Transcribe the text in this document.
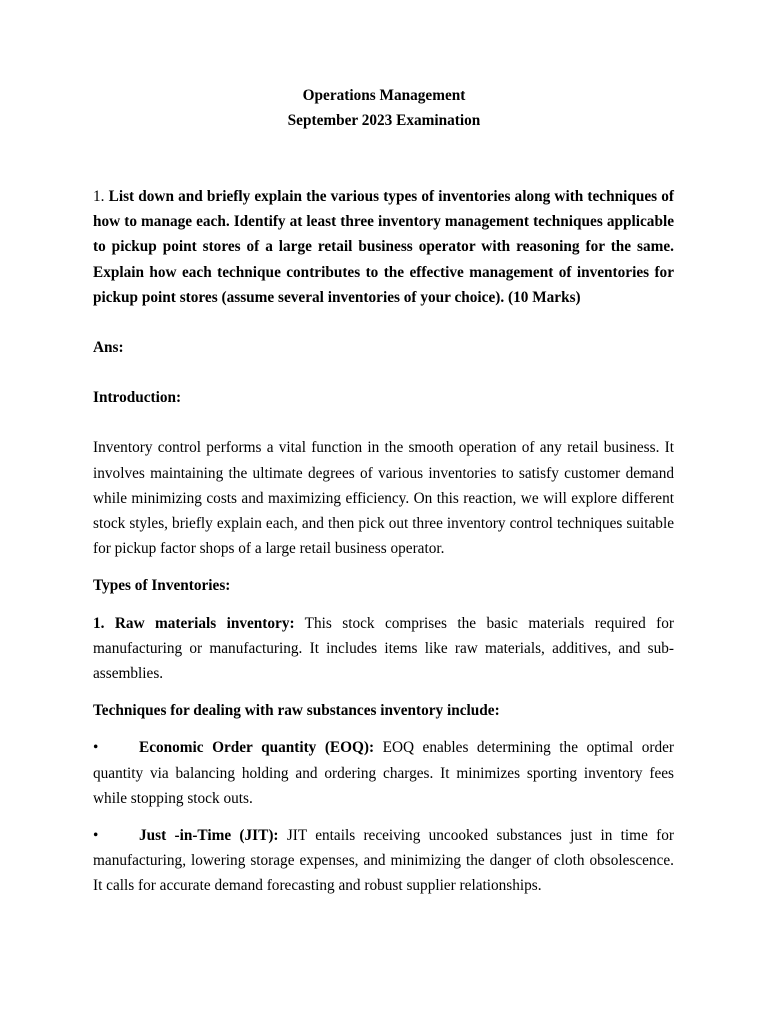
Operations Management
September 2023 Examination

1. List down and briefly explain the various types of inventories along with techniques of how to manage each. Identify at least three inventory management techniques applicable to pickup point stores of a large retail business operator with reasoning for the same. Explain how each technique contributes to the effective management of inventories for pickup point stores (assume several inventories of your choice). (10 Marks)

Ans:

Introduction:

Inventory control performs a vital function in the smooth operation of any retail business. It involves maintaining the ultimate degrees of various inventories to satisfy customer demand while minimizing costs and maximizing efficiency. On this reaction, we will explore different stock styles, briefly explain each, and then pick out three inventory control techniques suitable for pickup factor shops of a large retail business operator.

Types of Inventories:

1. Raw materials inventory: This stock comprises the basic materials required for manufacturing or manufacturing. It includes items like raw materials, additives, and sub-assemblies.

Techniques for dealing with raw substances inventory include:

•	Economic Order quantity (EOQ): EOQ enables determining the optimal order quantity via balancing holding and ordering charges. It minimizes sporting inventory fees while stopping stock outs.

•	Just -in-Time (JIT): JIT entails receiving uncooked substances just in time for manufacturing, lowering storage expenses, and minimizing the danger of cloth obsolescence. It calls for accurate demand forecasting and robust supplier relationships.
